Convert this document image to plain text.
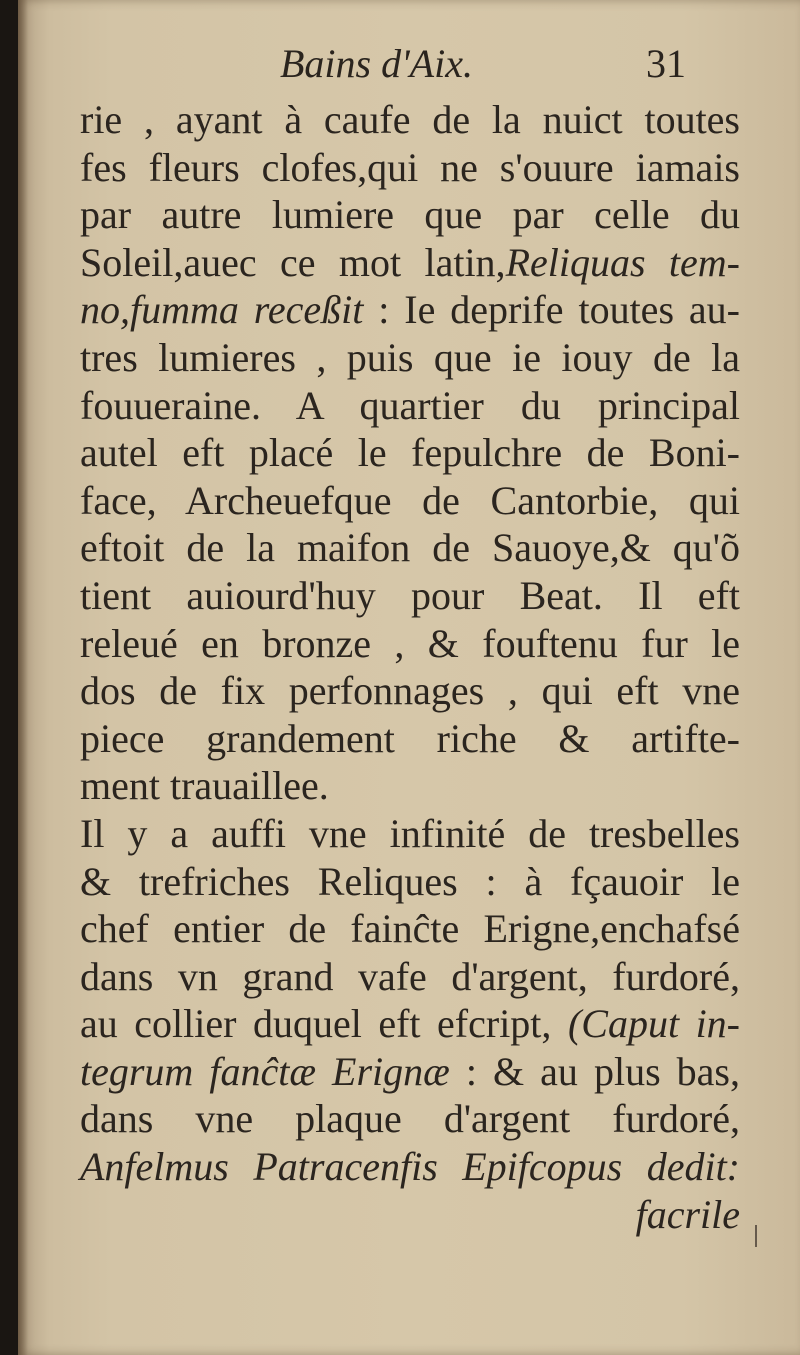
Bains d'Aix.	31
rie , ayant à caufe de la nuict toutes
fes fleurs clofes,qui ne s'ouure iamais
par autre lumiere que par celle du
Soleil,auec ce mot latin,Reliquas tem-
no,fumma receßit : Ie deprife toutes au-
tres lumieres , puis que ie iouy de la
fouueraine. A quartier du principal
autel eft placé le fepulchre de Boni-
face, Archeuefque de Cantorbie, qui
eftoit de la maifon de Sauoye,& qu'õ
tient auiourd'huy pour Beat. Il eft
releué en bronze , & fouftenu fur le
dos de fix perfonnages , qui eft vne
piece grandement riche & artifte-
ment trauaillee.
Il y a auffi vne infinité de tresbelles
& trefriches Reliques : à fçauoir le
chef entier de fainĉte Erigne,enchafsé
dans vn grand vafe d'argent, furdoré,
au collier duquel eft efcript, (Caput in-
tegrum fanĉtæ Erignæ : & au plus bas,
dans vne plaque d'argent furdoré,
Anfelmus Patracenfis Epifcopus dedit:
facrile
